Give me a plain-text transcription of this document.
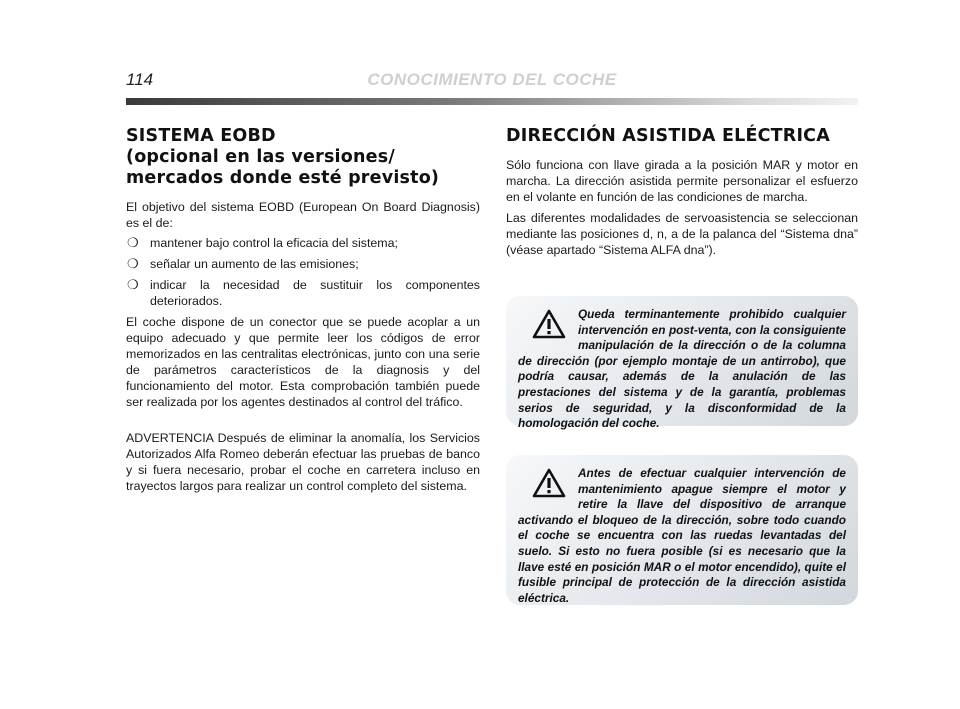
114	CONOCIMIENTO DEL COCHE
SISTEMA EOBD
(opcional en las versiones/
mercados donde esté previsto)

El objetivo del sistema EOBD (European On Board Diagnosis) es el de:

❍ mantener bajo control la eficacia del sistema;
❍ señalar un aumento de las emisiones;
❍ indicar la necesidad de sustituir los componentes deteriorados.

El coche dispone de un conector que se puede acoplar a un equipo adecuado y que permite leer los códigos de error memorizados en las centralitas electrónicas, junto con una serie de parámetros característicos de la diagnosis y del funcionamiento del motor. Esta comprobación también puede ser realizada por los agentes destinados al control del tráfico.

ADVERTENCIA Después de eliminar la anomalía, los Servicios Autorizados Alfa Romeo deberán efectuar las pruebas de banco y si fuera necesario, probar el coche en carretera incluso en trayectos largos para realizar un control completo del sistema.

DIRECCIÓN ASISTIDA ELÉCTRICA

Sólo funciona con llave girada a la posición MAR y motor en marcha. La dirección asistida permite personalizar el esfuerzo en el volante en función de las condiciones de marcha.

Las diferentes modalidades de servoasistencia se seleccionan mediante las posiciones d, n, a de la palanca del “Sistema dna” (véase apartado “Sistema ALFA dna”).

Queda terminantemente prohibido cualquier intervención en post-venta, con la consiguiente manipulación de la dirección o de la columna de dirección (por ejemplo montaje de un antirrobo), que podría causar, además de la anulación de las prestaciones del sistema y de la garantía, problemas serios de seguridad, y la disconformidad de la homologación del coche.

Antes de efectuar cualquier intervención de mantenimiento apague siempre el motor y retire la llave del dispositivo de arranque activando el bloqueo de la dirección, sobre todo cuando el coche se encuentra con las ruedas levantadas del suelo. Si esto no fuera posible (si es necesario que la llave esté en posición MAR o el motor encendido), quite el fusible principal de protección de la dirección asistida eléctrica.
